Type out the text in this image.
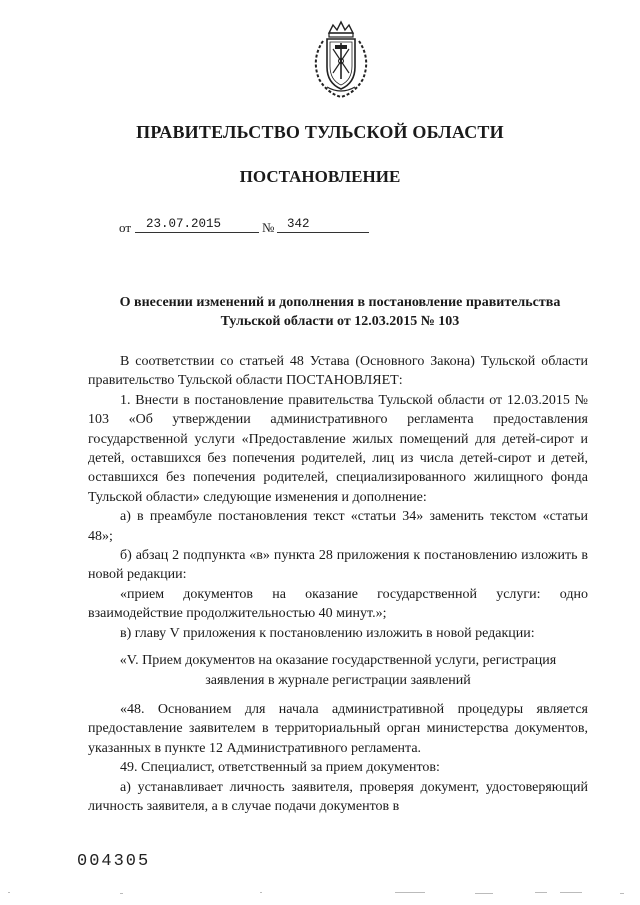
ПРАВИТЕЛЬСТВО ТУЛЬСКОЙ ОБЛАСТИ
ПОСТАНОВЛЕНИЕ
от 23.07.2015	№ 342
О внесении изменений и дополнения в постановление правительства
Тульской области от 12.03.2015 № 103

В соответствии со статьей 48 Устава (Основного Закона) Тульской области правительство Тульской области ПОСТАНОВЛЯЕТ:

1. Внести в постановление правительства Тульской области от 12.03.2015 № 103 «Об утверждении административного регламента предоставления государственной услуги «Предоставление жилых помещений для детей-сирот и детей, оставшихся без попечения родителей, лиц из числа детей-сирот и детей, оставшихся без попечения родителей, специализированного жилищного фонда Тульской области» следующие изменения и дополнение:

а) в преамбуле постановления текст «статьи 34» заменить текстом «статьи 48»;

б) абзац 2 подпункта «в» пункта 28 приложения к постановлению изложить в новой редакции:

«прием документов на оказание государственной услуги: одно взаимодействие продолжительностью 40 минут.»;

в) главу V приложения к постановлению изложить в новой редакции:

«V. Прием документов на оказание государственной услуги, регистрация
заявления в журнале регистрации заявлений

«48. Основанием для начала административной процедуры является предоставление заявителем в территориальный орган министерства документов, указанных в пункте 12 Административного регламента.

49. Специалист, ответственный за прием документов:

а) устанавливает личность заявителя, проверяя документ, удостоверяющий личность заявителя, а в случае подачи документов в

004305
